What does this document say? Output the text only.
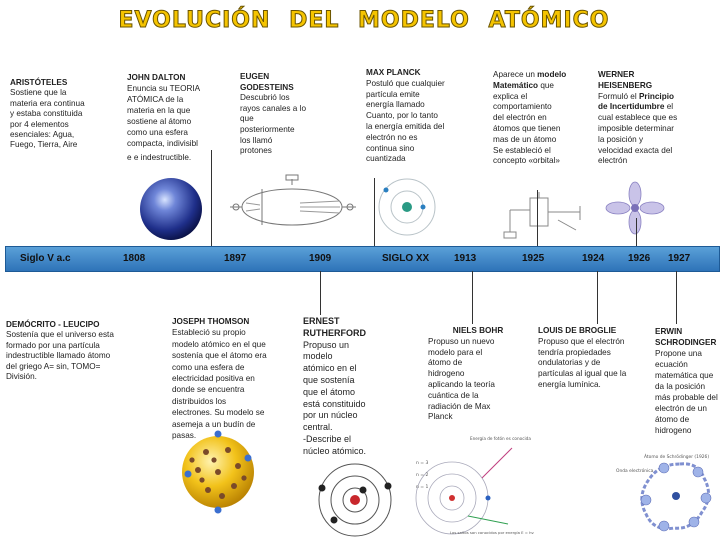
EVOLUCIÓN DEL MODELO ATÓMICO
ARISTÓTELES
Sostiene que la
materia era continua
y estaba constituida
por 4 elementos
esenciales: Agua,
Fuego, Tierra, Aire
JOHN DALTON
Enuncia su TEORIA
ATÓMICA de la
materia en la que
sostiene al átomo
como una esfera
compacta, indivisibl
e e indestructible.
EUGEN
GODESTEINS
Descubrió los
rayos canales a lo
que
posteriormente
los llamó
protones
MAX PLANCK
Postuló que cualquier
partícula emite
energía llamado
Cuanto, por lo tanto
la energía emitida del
electrón no es
continua sino
cuantizada
Aparece un modelo
Matemático que
explica el
comportamiento
del electrón en
átomos que tienen
mas de un átomo
Se estableció el
concepto «orbital»
WERNER
HEISENBERG
Formuló el Principio
de Incertidumbre el
cual establece que es
imposible determinar
la posición y
velocidad exacta del
electrón
Siglo V a.c	1808	1897	1909	SIGLO XX 1913	1925	1924 1926 1927
DEMÓCRITO - LEUCIPO
Sostenía que el universo esta
formado por una partícula
indestructible llamado átomo
del griego A= sin, TOMO=
División.
JOSEPH THOMSON
Estableció su propio
modelo atómico en el que
sostenía que el átomo era
como una esfera de
electricidad positiva en
donde se encuentra
distribuidos los
electrones. Su modelo se
asemeja a un budín de
pasas.
ERNEST
RUTHERFORD
Propuso un
modelo
atómico en el
que sostenía
que el átomo
está constituido
por un núcleo
central.
-Describe el
núcleo atómico.
NIELS BOHR
Propuso un nuevo
modelo para el
átomo de
hidrogeno
aplicando la teoría
cuántica de la
radiación de Max
Planck
LOUIS DE BROGLIE
Propuso que el electrón
tendría propiedades
ondulatorias y de
partículas al igual que la
energía lumínica.
ERWIN
SCHRODINGER
Propone una
ecuación
matemática que
da la posición
más probable del
electrón de un
átomo de
hidrogeno
Energía de fotón es conocida
n = 3
n = 2
n = 1
Los saltos son conocidos por energía E = hν
Átomo de Schrödinger (1926)
Onda electrónica
